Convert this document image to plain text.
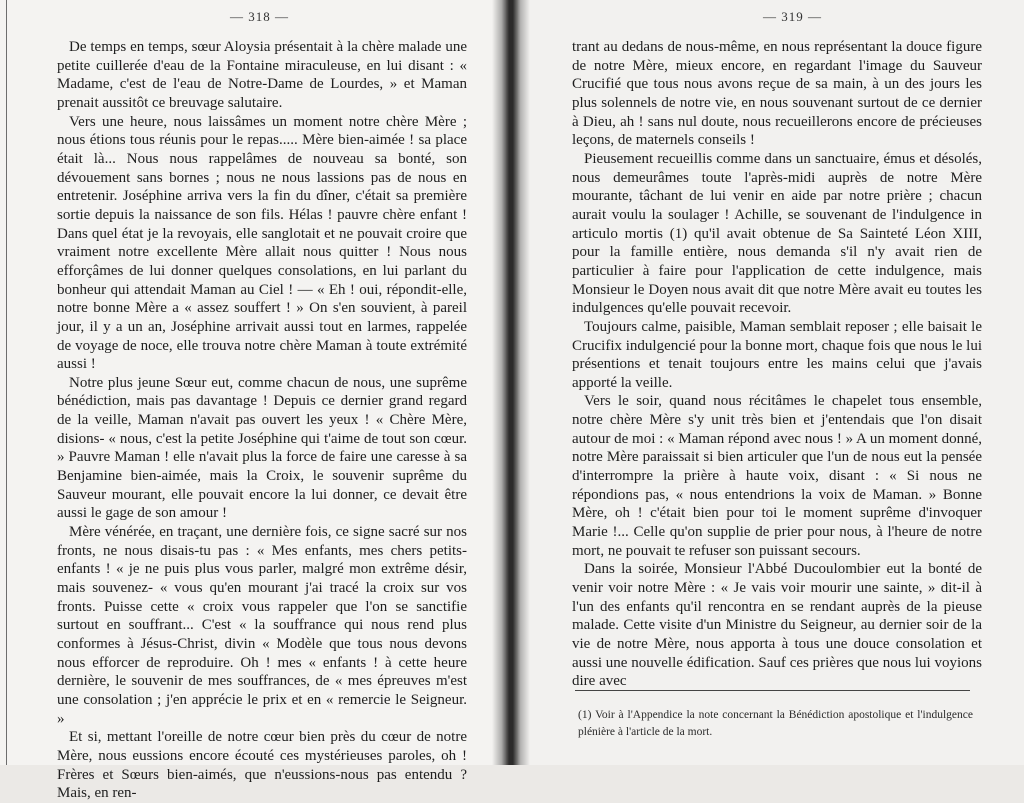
— 318 —

De temps en temps, sœur Aloysia présentait à la chère malade une petite cuillerée d'eau de la Fontaine miraculeuse, en lui disant : « Madame, c'est de l'eau de Notre-Dame de Lourdes, » et Maman prenait aussitôt ce breuvage salutaire.

Vers une heure, nous laissâmes un moment notre chère Mère ; nous étions tous réunis pour le repas..... Mère bien-aimée ! sa place était là... Nous nous rappelâmes de nouveau sa bonté, son dévouement sans bornes ; nous ne nous lassions pas de nous en entretenir. Joséphine arriva vers la fin du dîner, c'était sa première sortie depuis la naissance de son fils. Hélas ! pauvre chère enfant ! Dans quel état je la revoyais, elle sanglotait et ne pouvait croire que vraiment notre excellente Mère allait nous quitter ! Nous nous efforçâmes de lui donner quelques consolations, en lui parlant du bonheur qui attendait Maman au Ciel ! — « Eh ! oui, répondit-elle, notre bonne Mère a « assez souffert ! » On s'en souvient, à pareil jour, il y a un an, Joséphine arrivait aussi tout en larmes, rappelée de voyage de noce, elle trouva notre chère Maman à toute extrémité aussi !

Notre plus jeune Sœur eut, comme chacun de nous, une suprême bénédiction, mais pas davantage ! Depuis ce dernier grand regard de la veille, Maman n'avait pas ouvert les yeux ! « Chère Mère, disions- « nous, c'est la petite Joséphine qui t'aime de tout son cœur. » Pauvre Maman ! elle n'avait plus la force de faire une caresse à sa Benjamine bien-aimée, mais la Croix, le souvenir suprême du Sauveur mourant, elle pouvait encore la lui donner, ce devait être aussi le gage de son amour !

Mère vénérée, en traçant, une dernière fois, ce signe sacré sur nos fronts, ne nous disais-tu pas : « Mes enfants, mes chers petits-enfants ! « je ne puis plus vous parler, malgré mon extrême désir, mais souvenez- « vous qu'en mourant j'ai tracé la croix sur vos fronts. Puisse cette « croix vous rappeler que l'on se sanctifie surtout en souffrant... C'est « la souffrance qui nous rend plus conformes à Jésus-Christ, divin « Modèle que tous nous devons nous efforcer de reproduire. Oh ! mes « enfants ! à cette heure dernière, le souvenir de mes souffrances, de « mes épreuves m'est une consolation ; j'en apprécie le prix et en « remercie le Seigneur. »

Et si, mettant l'oreille de notre cœur bien près du cœur de notre Mère, nous eussions encore écouté ces mystérieuses paroles, oh ! Frères et Sœurs bien-aimés, que n'eussions-nous pas entendu ? Mais, en ren-

— 319 —

trant au dedans de nous-même, en nous représentant la douce figure de notre Mère, mieux encore, en regardant l'image du Sauveur Crucifié que tous nous avons reçue de sa main, à un des jours les plus solennels de notre vie, en nous souvenant surtout de ce dernier à Dieu, ah ! sans nul doute, nous recueillerons encore de précieuses leçons, de maternels conseils !

Pieusement recueillis comme dans un sanctuaire, émus et désolés, nous demeurâmes toute l'après-midi auprès de notre Mère mourante, tâchant de lui venir en aide par notre prière ; chacun aurait voulu la soulager ! Achille, se souvenant de l'indulgence in articulo mortis (1) qu'il avait obtenue de Sa Sainteté Léon XIII, pour la famille entière, nous demanda s'il n'y avait rien de particulier à faire pour l'application de cette indulgence, mais Monsieur le Doyen nous avait dit que notre Mère avait eu toutes les indulgences qu'elle pouvait recevoir.

Toujours calme, paisible, Maman semblait reposer ; elle baisait le Crucifix indulgencié pour la bonne mort, chaque fois que nous le lui présentions et tenait toujours entre les mains celui que j'avais apporté la veille.

Vers le soir, quand nous récitâmes le chapelet tous ensemble, notre chère Mère s'y unit très bien et j'entendais que l'on disait autour de moi : « Maman répond avec nous ! » A un moment donné, notre Mère paraissait si bien articuler que l'un de nous eut la pensée d'interrompre la prière à haute voix, disant : « Si nous ne répondions pas, « nous entendrions la voix de Maman. » Bonne Mère, oh ! c'était bien pour toi le moment suprême d'invoquer Marie !... Celle qu'on supplie de prier pour nous, à l'heure de notre mort, ne pouvait te refuser son puissant secours.

Dans la soirée, Monsieur l'Abbé Ducoulombier eut la bonté de venir voir notre Mère : « Je vais voir mourir une sainte, » dit-il à l'un des enfants qu'il rencontra en se rendant auprès de la pieuse malade. Cette visite d'un Ministre du Seigneur, au dernier soir de la vie de notre Mère, nous apporta à tous une douce consolation et aussi une nouvelle édification. Sauf ces prières que nous lui voyions dire avec

(1) Voir à l'Appendice la note concernant la Bénédiction apostolique et l'indulgence plénière à l'article de la mort.
